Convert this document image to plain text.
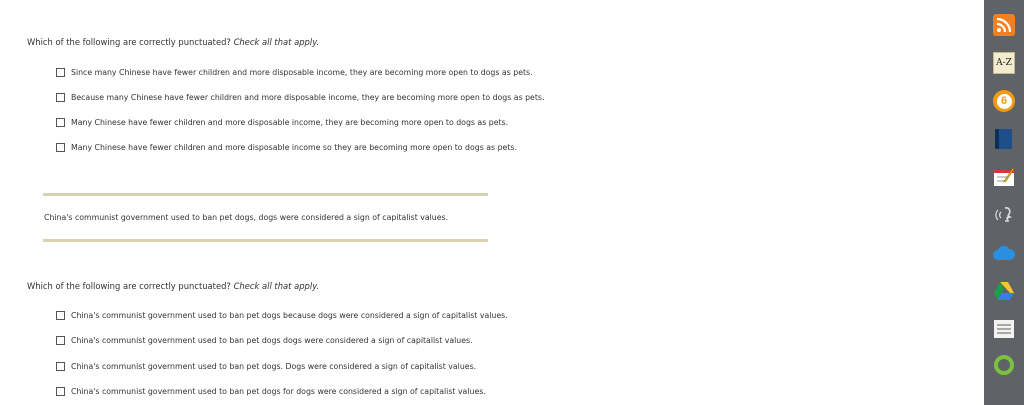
Which of the following are correctly punctuated? Check all that apply.
Since many Chinese have fewer children and more disposable income, they are becoming more open to dogs as pets.
Because many Chinese have fewer children and more disposable income, they are becoming more open to dogs as pets.
Many Chinese have fewer children and more disposable income, they are becoming more open to dogs as pets.
Many Chinese have fewer children and more disposable income so they are becoming more open to dogs as pets.
China's communist government used to ban pet dogs, dogs were considered a sign of capitalist values.
Which of the following are correctly punctuated? Check all that apply.
China's communist government used to ban pet dogs because dogs were considered a sign of capitalist values.
China's communist government used to ban pet dogs dogs were considered a sign of capitalist values.
China's communist government used to ban pet dogs. Dogs were considered a sign of capitalist values.
China's communist government used to ban pet dogs for dogs were considered a sign of capitalist values.
A-Z
6
